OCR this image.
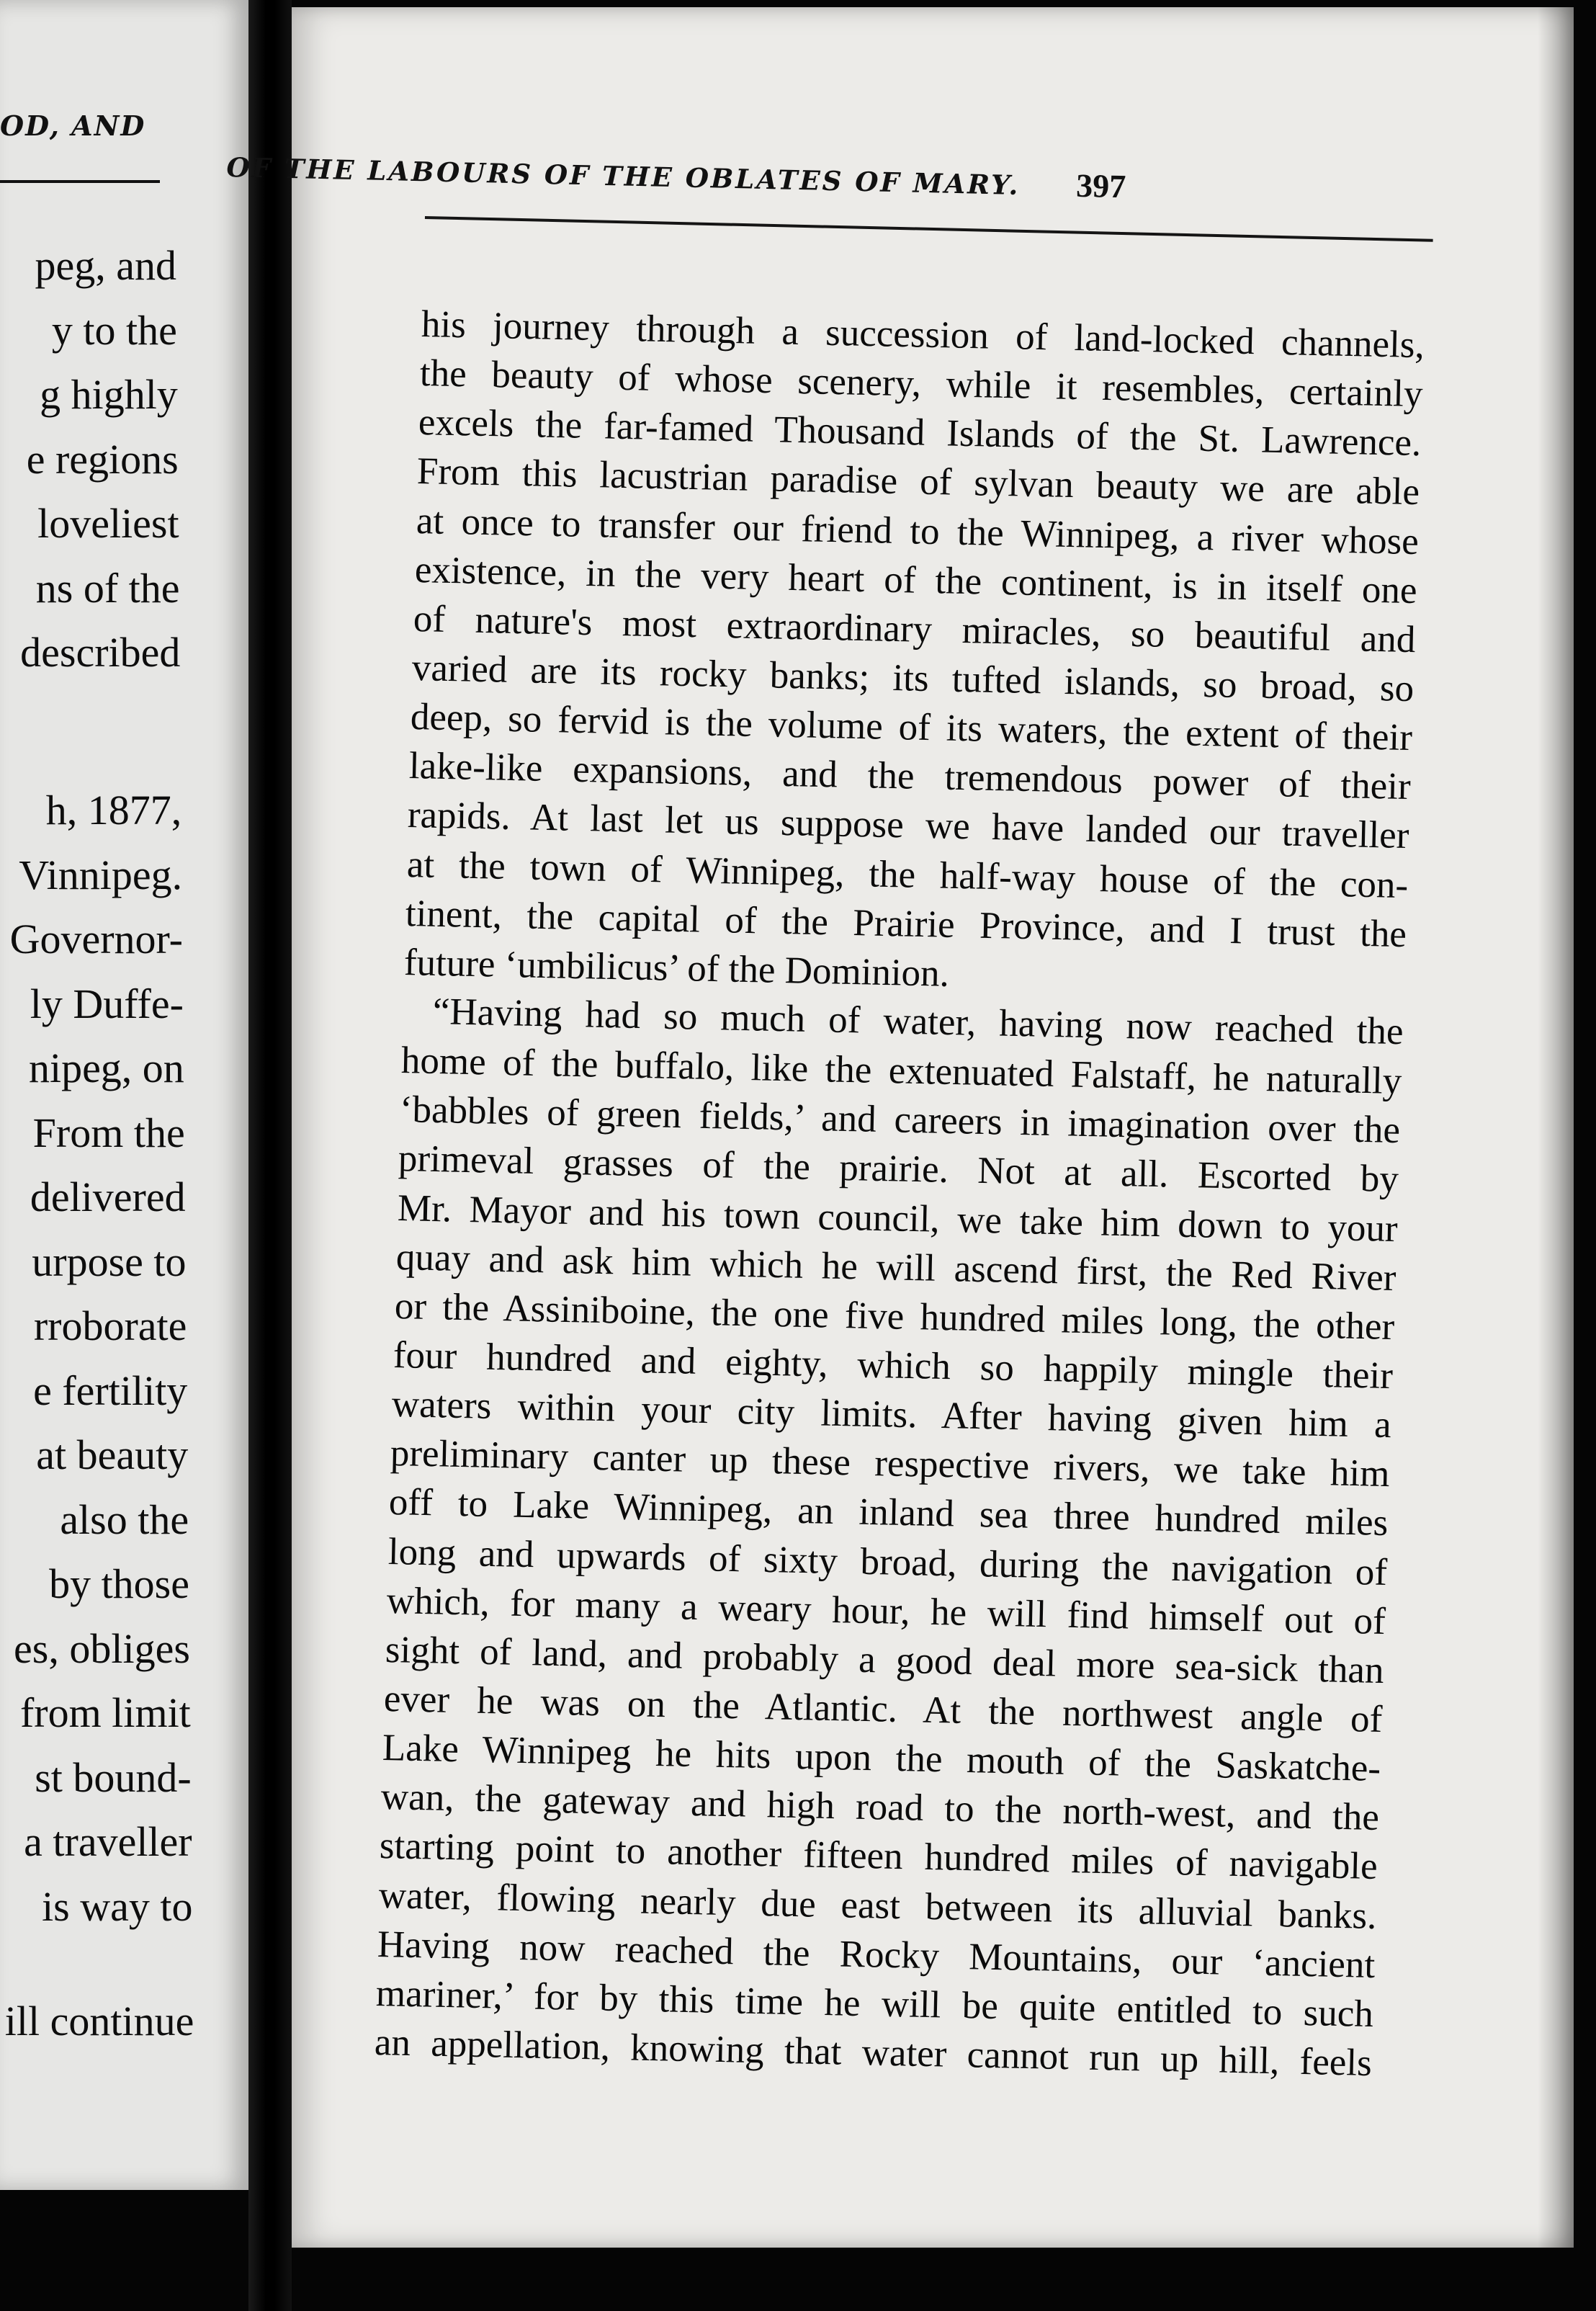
OD, AND
peg, and
y to the
g highly
e regions
loveliest
ns of the
described
h, 1877,
Vinnipeg.
Governor-
ly Duffe-
nipeg, on
From the
delivered
urpose to
rroborate
e fertility
at beauty
also the
by those
es, obliges
from limit
st bound-
a traveller
is way to
ill continue
OF THE LABOURS OF THE OBLATES OF MARY. 397
his journey through a succession of land-locked channels,
the beauty of whose scenery, while it resembles, certainly
excels the far-famed Thousand Islands of the St. Lawrence.
From this lacustrian paradise of sylvan beauty we are able
at once to transfer our friend to the Winnipeg, a river whose
existence, in the very heart of the continent, is in itself one
of nature's most extraordinary miracles, so beautiful and
varied are its rocky banks; its tufted islands, so broad, so
deep, so fervid is the volume of its waters, the extent of their
lake-like expansions, and the tremendous power of their
rapids. At last let us suppose we have landed our traveller
at the town of Winnipeg, the half-way house of the con-
tinent, the capital of the Prairie Province, and I trust the
future ‘umbilicus’ of the Dominion.
“Having had so much of water, having now reached the
home of the buffalo, like the extenuated Falstaff, he naturally
‘babbles of green fields,’ and careers in imagination over the
primeval grasses of the prairie. Not at all. Escorted by
Mr. Mayor and his town council, we take him down to your
quay and ask him which he will ascend first, the Red River
or the Assiniboine, the one five hundred miles long, the other
four hundred and eighty, which so happily mingle their
waters within your city limits. After having given him a
preliminary canter up these respective rivers, we take him
off to Lake Winnipeg, an inland sea three hundred miles
long and upwards of sixty broad, during the navigation of
which, for many a weary hour, he will find himself out of
sight of land, and probably a good deal more sea-sick than
ever he was on the Atlantic. At the northwest angle of
Lake Winnipeg he hits upon the mouth of the Saskatche-
wan, the gateway and high road to the north-west, and the
starting point to another fifteen hundred miles of navigable
water, flowing nearly due east between its alluvial banks.
Having now reached the Rocky Mountains, our ‘ancient
mariner,’ for by this time he will be quite entitled to such
an appellation, knowing that water cannot run up hill, feels
